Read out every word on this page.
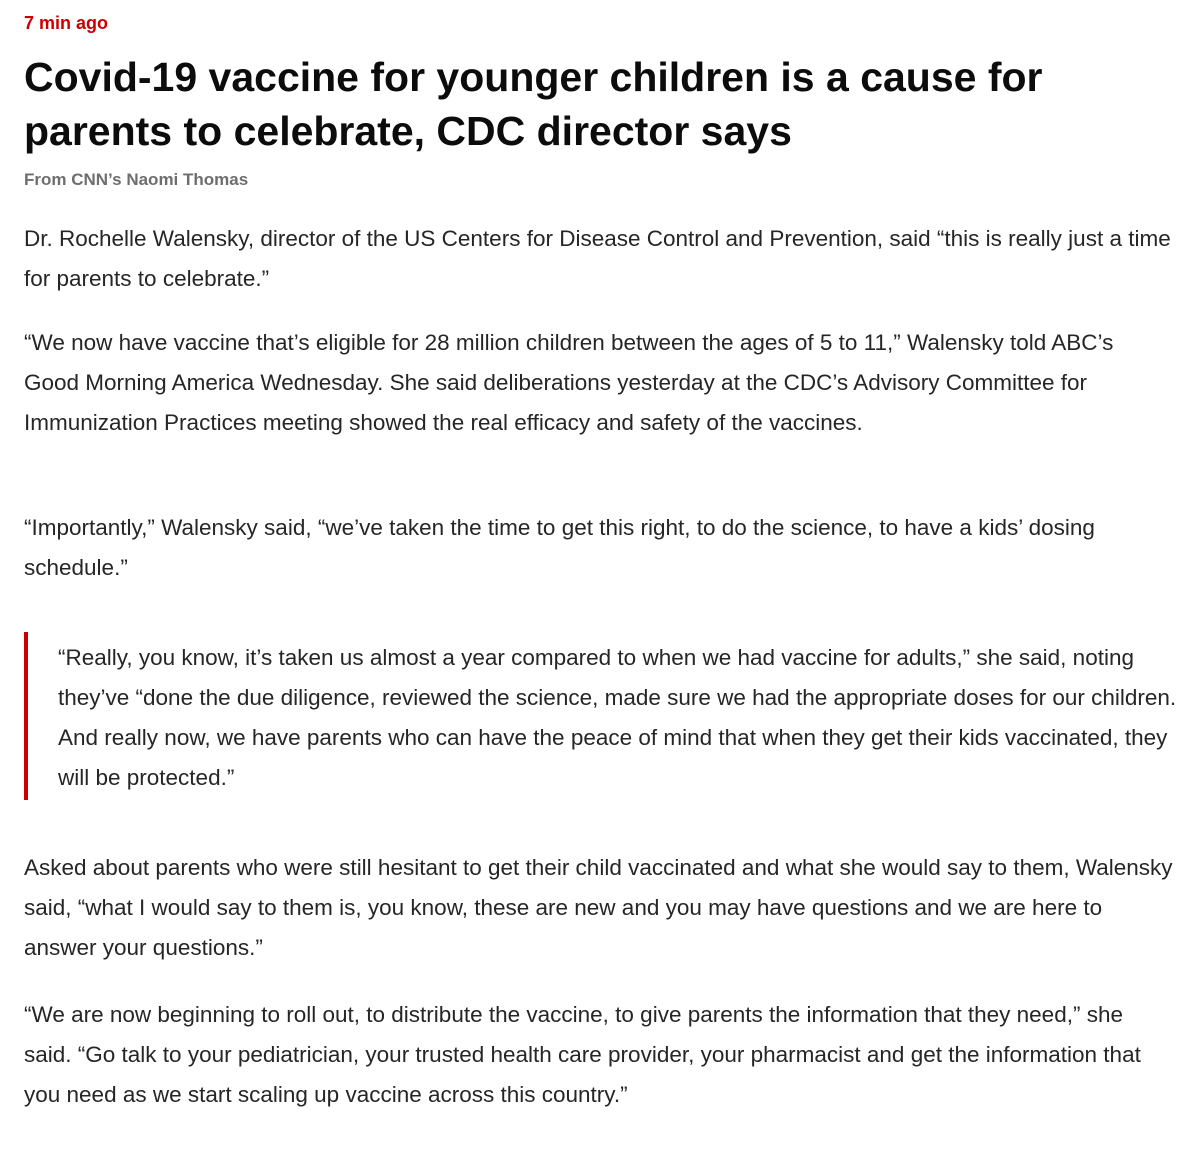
7 min ago
Covid-19 vaccine for younger children is a cause for parents to celebrate, CDC director says
From CNN’s Naomi Thomas

Dr. Rochelle Walensky, director of the US Centers for Disease Control and Prevention, said “this is really just a time for parents to celebrate.”

“We now have vaccine that’s eligible for 28 million children between the ages of 5 to 11,” Walensky told ABC’s Good Morning America Wednesday. She said deliberations yesterday at the CDC’s Advisory Committee for Immunization Practices meeting showed the real efficacy and safety of the vaccines.

“Importantly,” Walensky said, “we’ve taken the time to get this right, to do the science, to have a kids’ dosing schedule.”

“Really, you know, it’s taken us almost a year compared to when we had vaccine for adults,” she said, noting they’ve “done the due diligence, reviewed the science, made sure we had the appropriate doses for our children. And really now, we have parents who can have the peace of mind that when they get their kids vaccinated, they will be protected.”

Asked about parents who were still hesitant to get their child vaccinated and what she would say to them, Walensky said, “what I would say to them is, you know, these are new and you may have questions and we are here to answer your questions.”

“We are now beginning to roll out, to distribute the vaccine, to give parents the information that they need,” she said. “Go talk to your pediatrician, your trusted health care provider, your pharmacist and get the information that you need as we start scaling up vaccine across this country.”
